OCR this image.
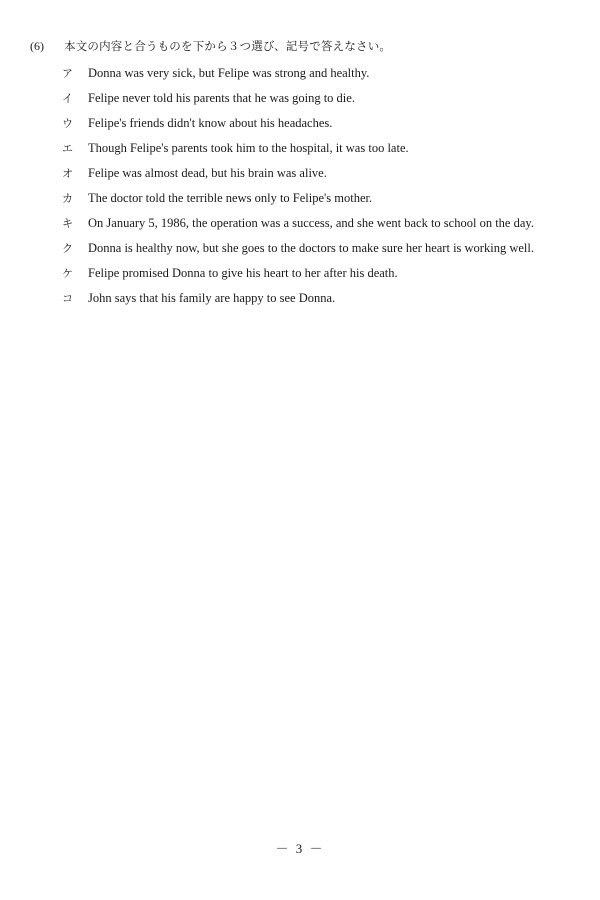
(6) 本文の内容と合うものを下から３つ選び、記号で答えなさい。
ア	Donna was very sick, but Felipe was strong and healthy.
イ	Felipe never told his parents that he was going to die.
ウ	Felipe's friends didn't know about his headaches.
エ	Though Felipe's parents took him to the hospital, it was too late.
オ	Felipe was almost dead, but his brain was alive.
カ	The doctor told the terrible news only to Felipe's mother.
キ	On January 5, 1986, the operation was a success, and she went back to school on the day.
ク	Donna is healthy now, but she goes to the doctors to make sure her heart is working well.
ケ	Felipe promised Donna to give his heart to her after his death.
コ	John says that his family are happy to see Donna.
－ 3 －
